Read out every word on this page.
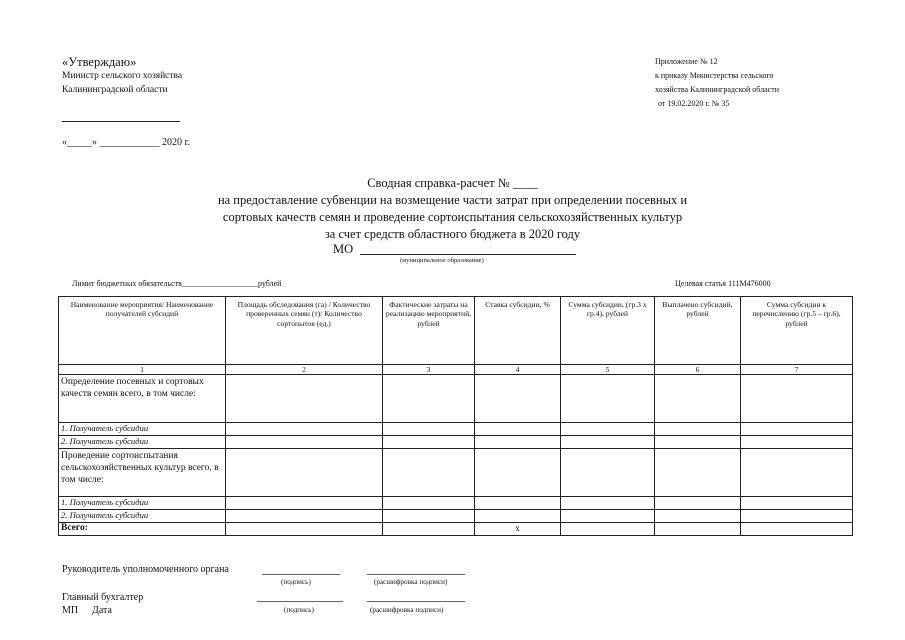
«Утверждаю»
Министр сельского хозяйства
Калининградской области
«_____» ____________ 2020 г.
Приложение № 12
к приказу Министерства сельского
хозяйства Калининградской области
от 19.02.2020 г. № 35
Сводная справка-расчет № ____
на предоставление субвенции на возмещение части затрат при определении посевных и
сортовых качеств семян и проведение сортоиспытания сельскохозяйственных культур
за счет средств областного бюджета в 2020 году
МО
(муниципальное образование)
Лимит бюджетных обязательств___________________рублей	Целевая статья 111М476000
Наименование мероприятия/ Наименование получателей субсидий	Площадь обследования (га) / Количество проверенных семян (т)/ Количество сортопытов (ед.)	Фактические затраты на реализацию мероприятий, рублей	Ставка субсидии, %	Сумма субсидии, (гр.3 х гр.4), рублей	Выплачено субсидий, рублей	Сумма субсидии к перечислению (гр.5 – гр.6), рублей
1	2	3	4	5	6	7
Определение посевных и сортовых качеств семян всего, в том числе:						
1. Получатель субсидии						
2. Получатель субсидии						
Проведение сортоиспытания сельскохозяйственных культур всего, в том числе:						
1. Получатель субсидии						
2. Получатель субсидии						
Всего:			х			
Руководитель уполномоченного органа
(подпись)	(расшифровка подписи)
Главный бухгалтер
МП Дата	(подпись)	(расшифровка подписи)
